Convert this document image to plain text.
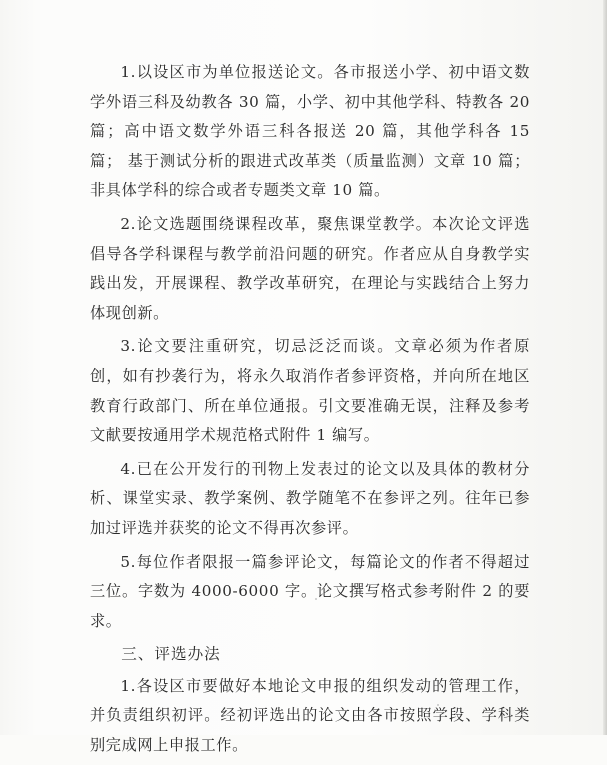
1.以设区市为单位报送论文。各市报送小学、初中语文数学外语三科及幼教各 30 篇，小学、初中其他学科、特教各 20 篇；高中语文数学外语三科各报送 20 篇，其他学科各 15 篇； 基于测试分析的跟进式改革类（质量监测）文章 10 篇；非具体学科的综合或者专题类文章 10 篇。

2.论文选题围绕课程改革，聚焦课堂教学。本次论文评选倡导各学科课程与教学前沿问题的研究。作者应从自身教学实践出发，开展课程、教学改革研究，在理论与实践结合上努力体现创新。

3.论文要注重研究，切忌泛泛而谈。文章必须为作者原创，如有抄袭行为，将永久取消作者参评资格，并向所在地区教育行政部门、所在单位通报。引文要准确无误，注释及参考文献要按通用学术规范格式附件 1 编写。

4.已在公开发行的刊物上发表过的论文以及具体的教材分析、课堂实录、教学案例、教学随笔不在参评之列。往年已参加过评选并获奖的论文不得再次参评。

5.每位作者限报一篇参评论文，每篇论文的作者不得超过三位。字数为 4000-6000 字。论文撰写格式参考附件 2 的要求。

三、评选办法

1.各设区市要做好本地论文申报的组织发动的管理工作，并负责组织初评。经初评选出的论文由各市按照学段、学科类别完成网上申报工作。
